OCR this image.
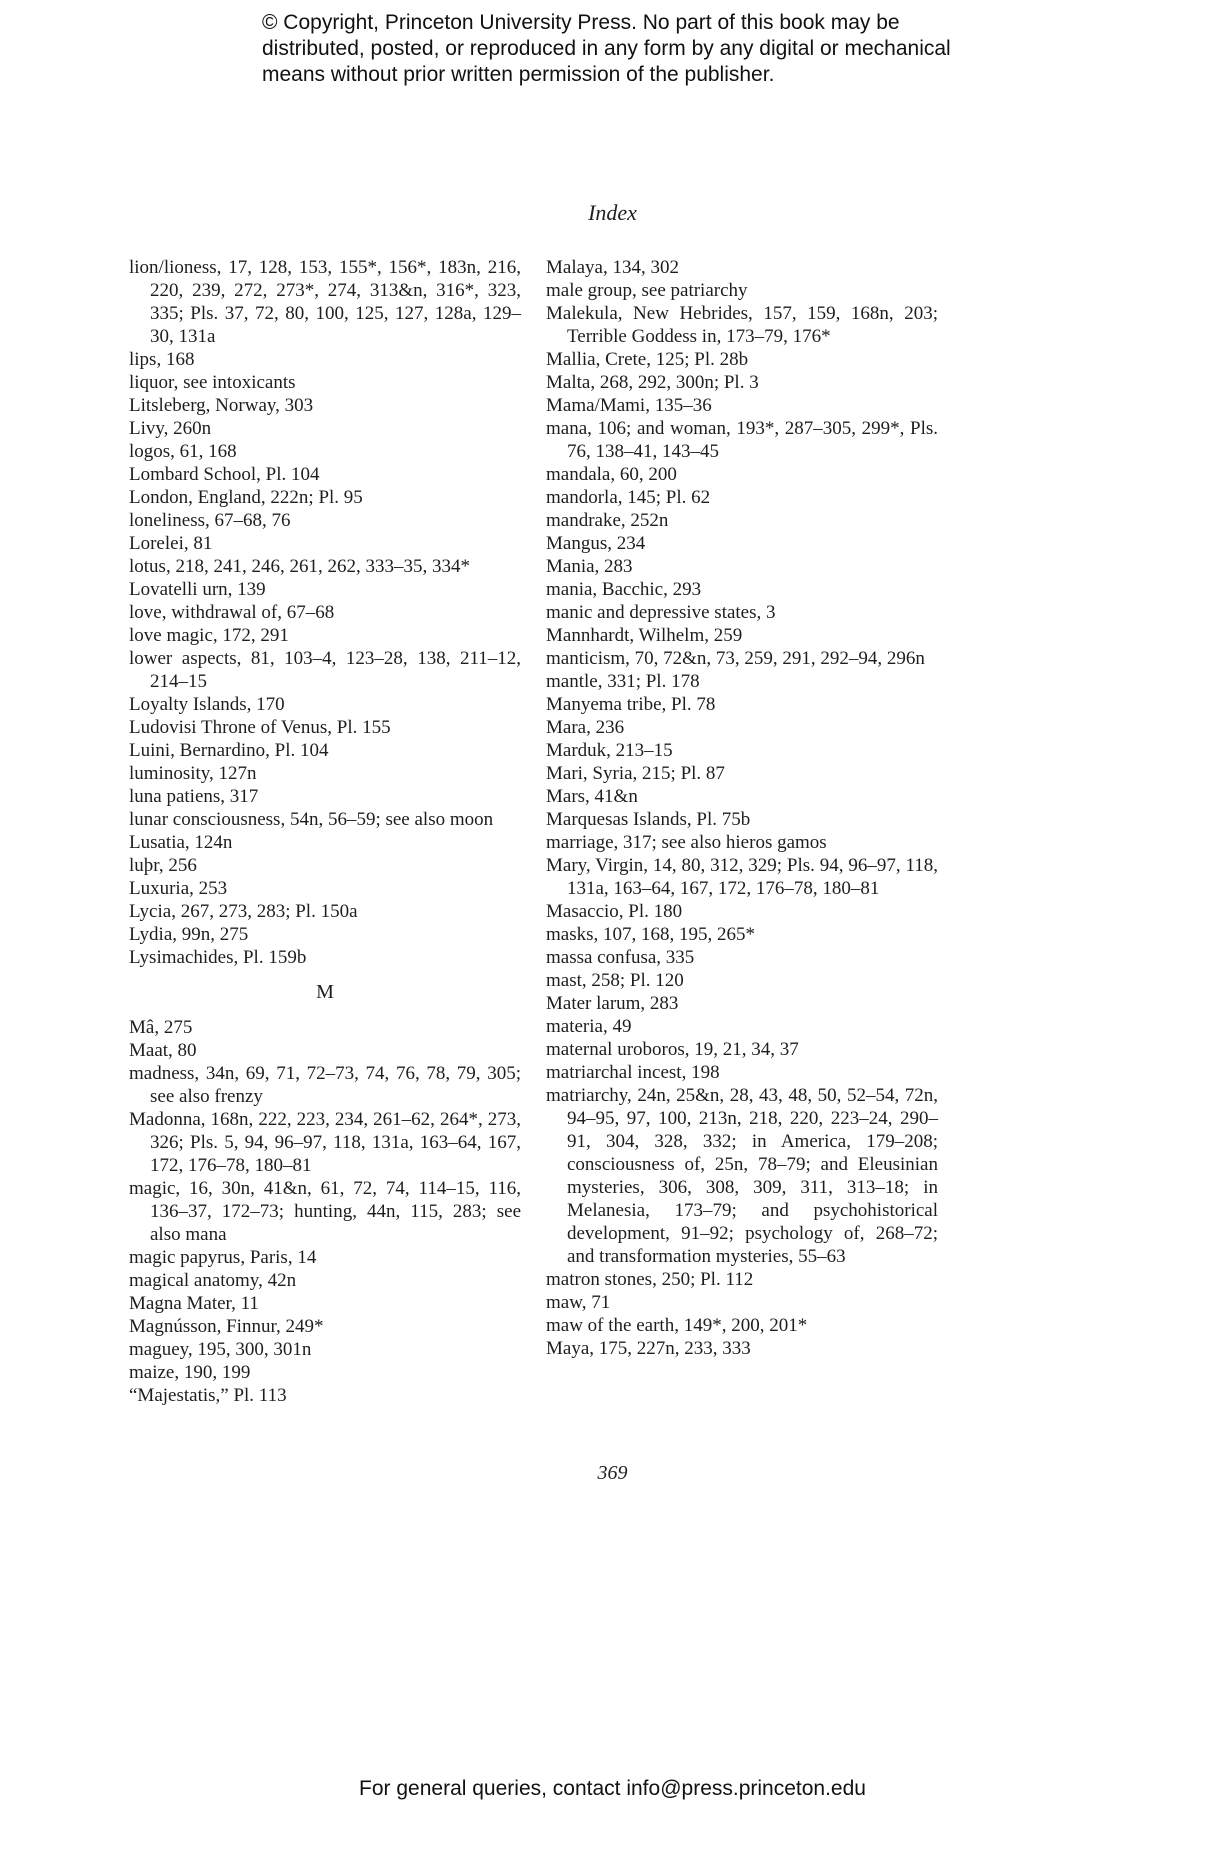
© Copyright, Princeton University Press. No part of this book may be
distributed, posted, or reproduced in any form by any digital or mechanical
means without prior written permission of the publisher.
Index
lion/lioness, 17, 128, 153, 155*, 156*, 183n, 216, 220, 239, 272, 273*, 274, 313&n, 316*, 323, 335; Pls. 37, 72, 80, 100, 125, 127, 128a, 129–30, 131a
lips, 168
liquor, see intoxicants
Litsleberg, Norway, 303
Livy, 260n
logos, 61, 168
Lombard School, Pl. 104
London, England, 222n; Pl. 95
loneliness, 67–68, 76
Lorelei, 81
lotus, 218, 241, 246, 261, 262, 333–35, 334*
Lovatelli urn, 139
love, withdrawal of, 67–68
love magic, 172, 291
lower aspects, 81, 103–4, 123–28, 138, 211–12, 214–15
Loyalty Islands, 170
Ludovisi Throne of Venus, Pl. 155
Luini, Bernardino, Pl. 104
luminosity, 127n
luna patiens, 317
lunar consciousness, 54n, 56–59; see also moon
Lusatia, 124n
luþr, 256
Luxuria, 253
Lycia, 267, 273, 283; Pl. 150a
Lydia, 99n, 275
Lysimachides, Pl. 159b
M
Mâ, 275
Maat, 80
madness, 34n, 69, 71, 72–73, 74, 76, 78, 79, 305; see also frenzy
Madonna, 168n, 222, 223, 234, 261–62, 264*, 273, 326; Pls. 5, 94, 96–97, 118, 131a, 163–64, 167, 172, 176–78, 180–81
magic, 16, 30n, 41&n, 61, 72, 74, 114–15, 116, 136–37, 172–73; hunting, 44n, 115, 283; see also mana
magic papyrus, Paris, 14
magical anatomy, 42n
Magna Mater, 11
Magnússon, Finnur, 249*
maguey, 195, 300, 301n
maize, 190, 199
“Majestatis,” Pl. 113
Malaya, 134, 302
male group, see patriarchy
Malekula, New Hebrides, 157, 159, 168n, 203; Terrible Goddess in, 173–79, 176*
Mallia, Crete, 125; Pl. 28b
Malta, 268, 292, 300n; Pl. 3
Mama/Mami, 135–36
mana, 106; and woman, 193*, 287–305, 299*, Pls. 76, 138–41, 143–45
mandala, 60, 200
mandorla, 145; Pl. 62
mandrake, 252n
Mangus, 234
Mania, 283
mania, Bacchic, 293
manic and depressive states, 3
Mannhardt, Wilhelm, 259
manticism, 70, 72&n, 73, 259, 291, 292–94, 296n
mantle, 331; Pl. 178
Manyema tribe, Pl. 78
Mara, 236
Marduk, 213–15
Mari, Syria, 215; Pl. 87
Mars, 41&n
Marquesas Islands, Pl. 75b
marriage, 317; see also hieros gamos
Mary, Virgin, 14, 80, 312, 329; Pls. 94, 96–97, 118, 131a, 163–64, 167, 172, 176–78, 180–81
Masaccio, Pl. 180
masks, 107, 168, 195, 265*
massa confusa, 335
mast, 258; Pl. 120
Mater larum, 283
materia, 49
maternal uroboros, 19, 21, 34, 37
matriarchal incest, 198
matriarchy, 24n, 25&n, 28, 43, 48, 50, 52–54, 72n, 94–95, 97, 100, 213n, 218, 220, 223–24, 290–91, 304, 328, 332; in America, 179–208; consciousness of, 25n, 78–79; and Eleusinian mysteries, 306, 308, 309, 311, 313–18; in Melanesia, 173–79; and psychohistorical development, 91–92; psychology of, 268–72; and transformation mysteries, 55–63
matron stones, 250; Pl. 112
maw, 71
maw of the earth, 149*, 200, 201*
Maya, 175, 227n, 233, 333
369
For general queries, contact info@press.princeton.edu
